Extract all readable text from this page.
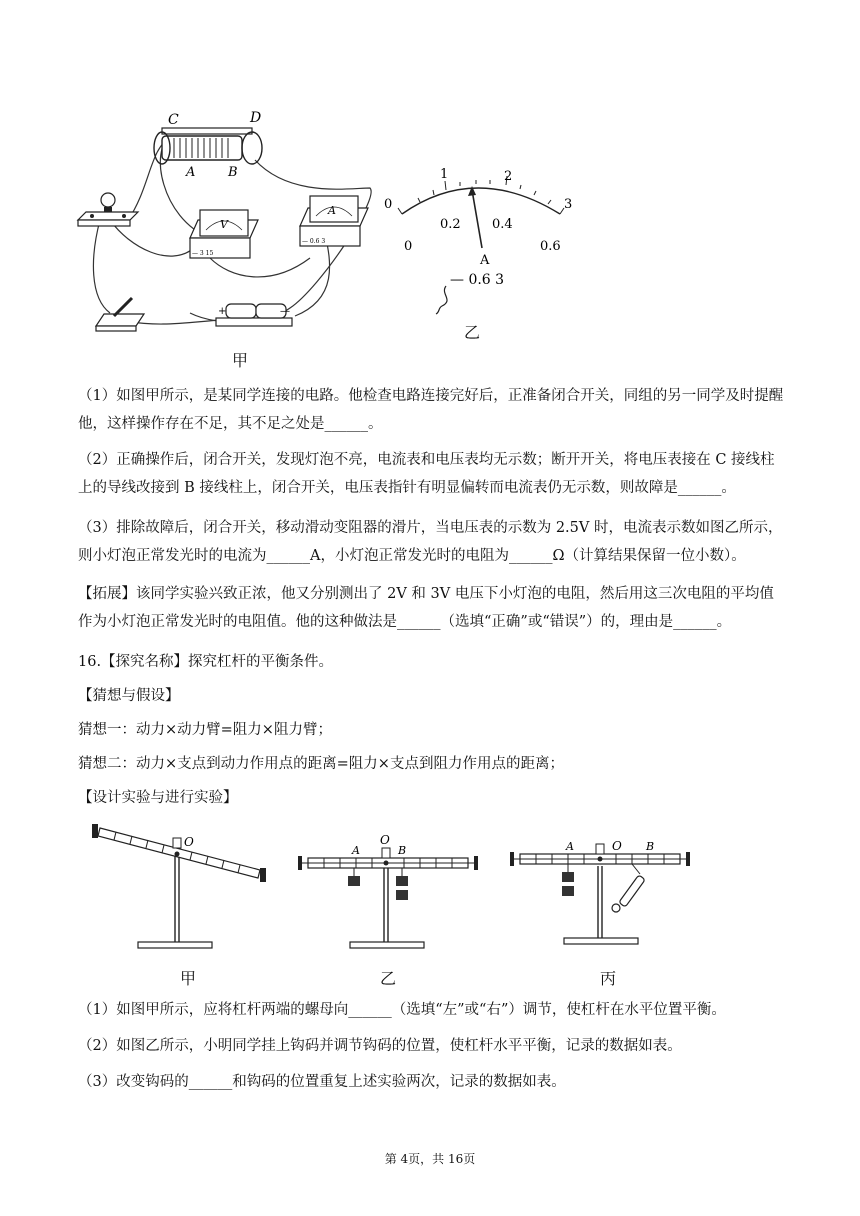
C	D
A	B
V
— 3 15
A
— 0.6 3
+	—
甲
0
1	2
3
0
0.2 0.4
0.6
A
— 0.6 3
乙
（1）如图甲所示，是某同学连接的电路。他检查电路连接完好后，正准备闭合开关，同组的另一同学及时提醒他，这样操作存在不足，其不足之处是______。
（2）正确操作后，闭合开关，发现灯泡不亮，电流表和电压表均无示数；断开开关，将电压表接在 C 接线柱上的导线改接到 B 接线柱上，闭合开关，电压表指针有明显偏转而电流表仍无示数，则故障是______。
（3）排除故障后，闭合开关，移动滑动变阻器的滑片，当电压表的示数为 2.5V 时，电流表示数如图乙所示，则小灯泡正常发光时的电流为______A，小灯泡正常发光时的电阻为______Ω（计算结果保留一位小数）。
【拓展】该同学实验兴致正浓，他又分别测出了 2V 和 3V 电压下小灯泡的电阻，然后用这三次电阻的平均值作为小灯泡正常发光时的电阻值。他的这种做法是______（选填“正确”或“错误”）的，理由是______。
16.【探究名称】探究杠杆的平衡条件。
【猜想与假设】
猜想一：动力×动力臂=阻力×阻力臂；
猜想二：动力×支点到动力作用点的距离=阻力×支点到阻力作用点的距离；
【设计实验与进行实验】
O
A
O
B	A	O B
甲	乙	丙
（1）如图甲所示，应将杠杆两端的螺母向______（选填“左”或“右”）调节，使杠杆在水平位置平衡。
（2）如图乙所示，小明同学挂上钩码并调节钩码的位置，使杠杆水平平衡，记录的数据如表。
（3）改变钩码的______和钩码的位置重复上述实验两次，记录的数据如表。
第 4页，共 16页
